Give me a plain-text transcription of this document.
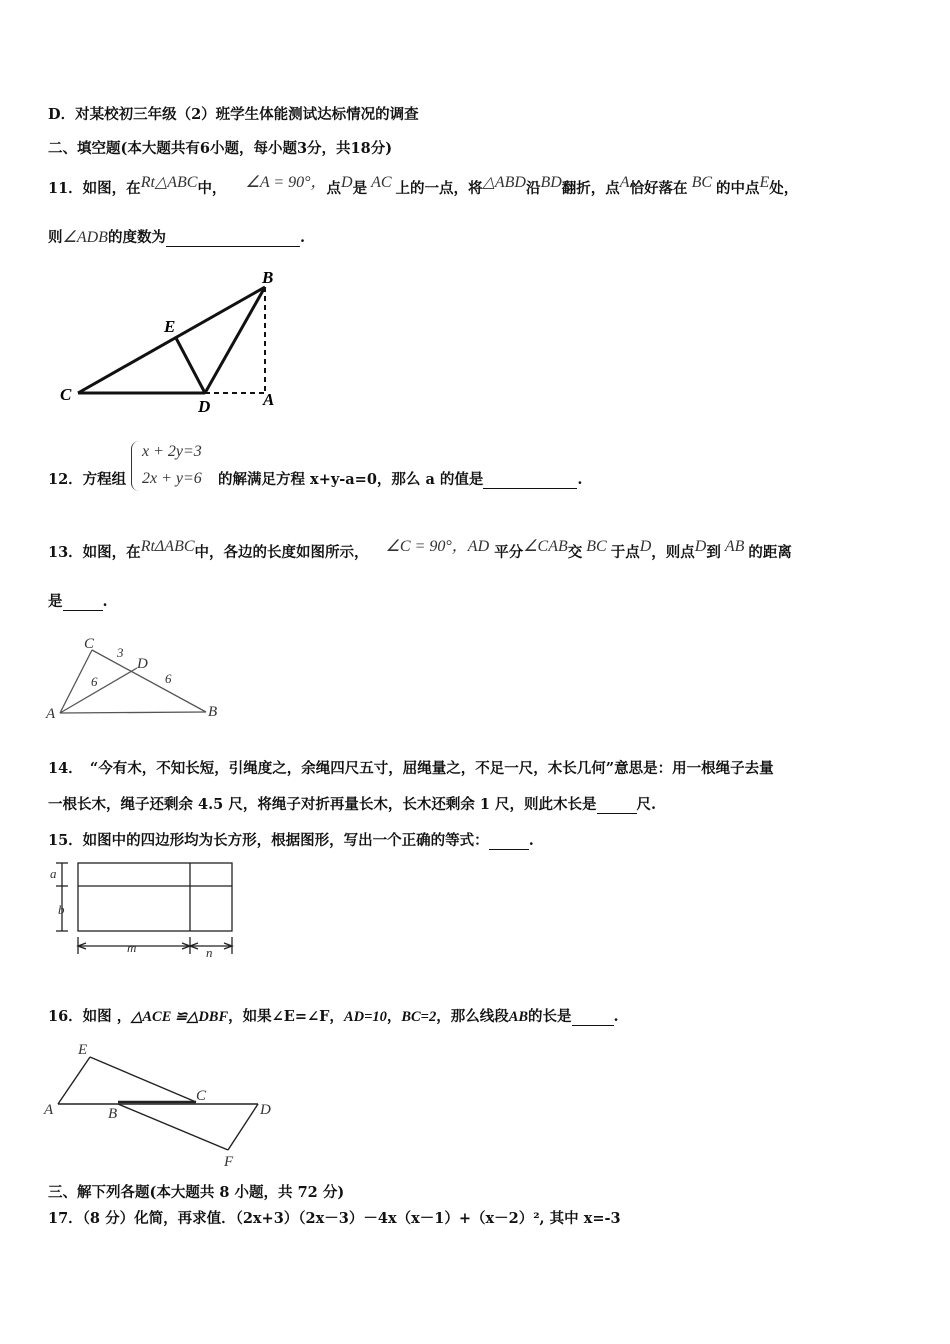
D．对某校初三年级（2）班学生体能测试达标情况的调查
二、填空题(本大题共有6小题，每小题3分，共18分)
11．如图，在Rt△ABC中， ∠A = 90°，点D是 AC 上的一点，将△ABD沿BD翻折，点A恰好落在 BC 的中点E处，
则∠ADB的度数为	.
B
E
C
D	A
12．方程组
x + 2y=3
2x + y=6 的解满足方程 x+y-a=0，那么 a 的值是	.
13．如图，在RtΔABC中，各边的长度如图所示， ∠C = 90°，AD 平分∠CAB交 BC 于点D，则点D到 AB 的距离
是	.
C
D
A	B
3
6	6
14．　“今有木，不知长短，引绳度之，余绳四尺五寸，屈绳量之，不足一尺，木长几何”意思是：用一根绳子去量
一根长木，绳子还剩余 4.5 尺，将绳子对折再量长木，长木还剩余 1 尺，则此木长是	尺.
15．如图中的四边形均为长方形，根据图形，写出一个正确的等式：	.
a
b
m	n
16．如图 ，△ACE ≌△DBF，如果∠E=∠F，AD=10，BC=2，那么线段AB的长是	.
E
A	B
C
D
F
三、解下列各题(本大题共 8 小题，共 72 分)
17．（8 分）化简，再求值．（2x+3）（2x－3）－4x（x－1）+（x－2）², 其中 x=-3
